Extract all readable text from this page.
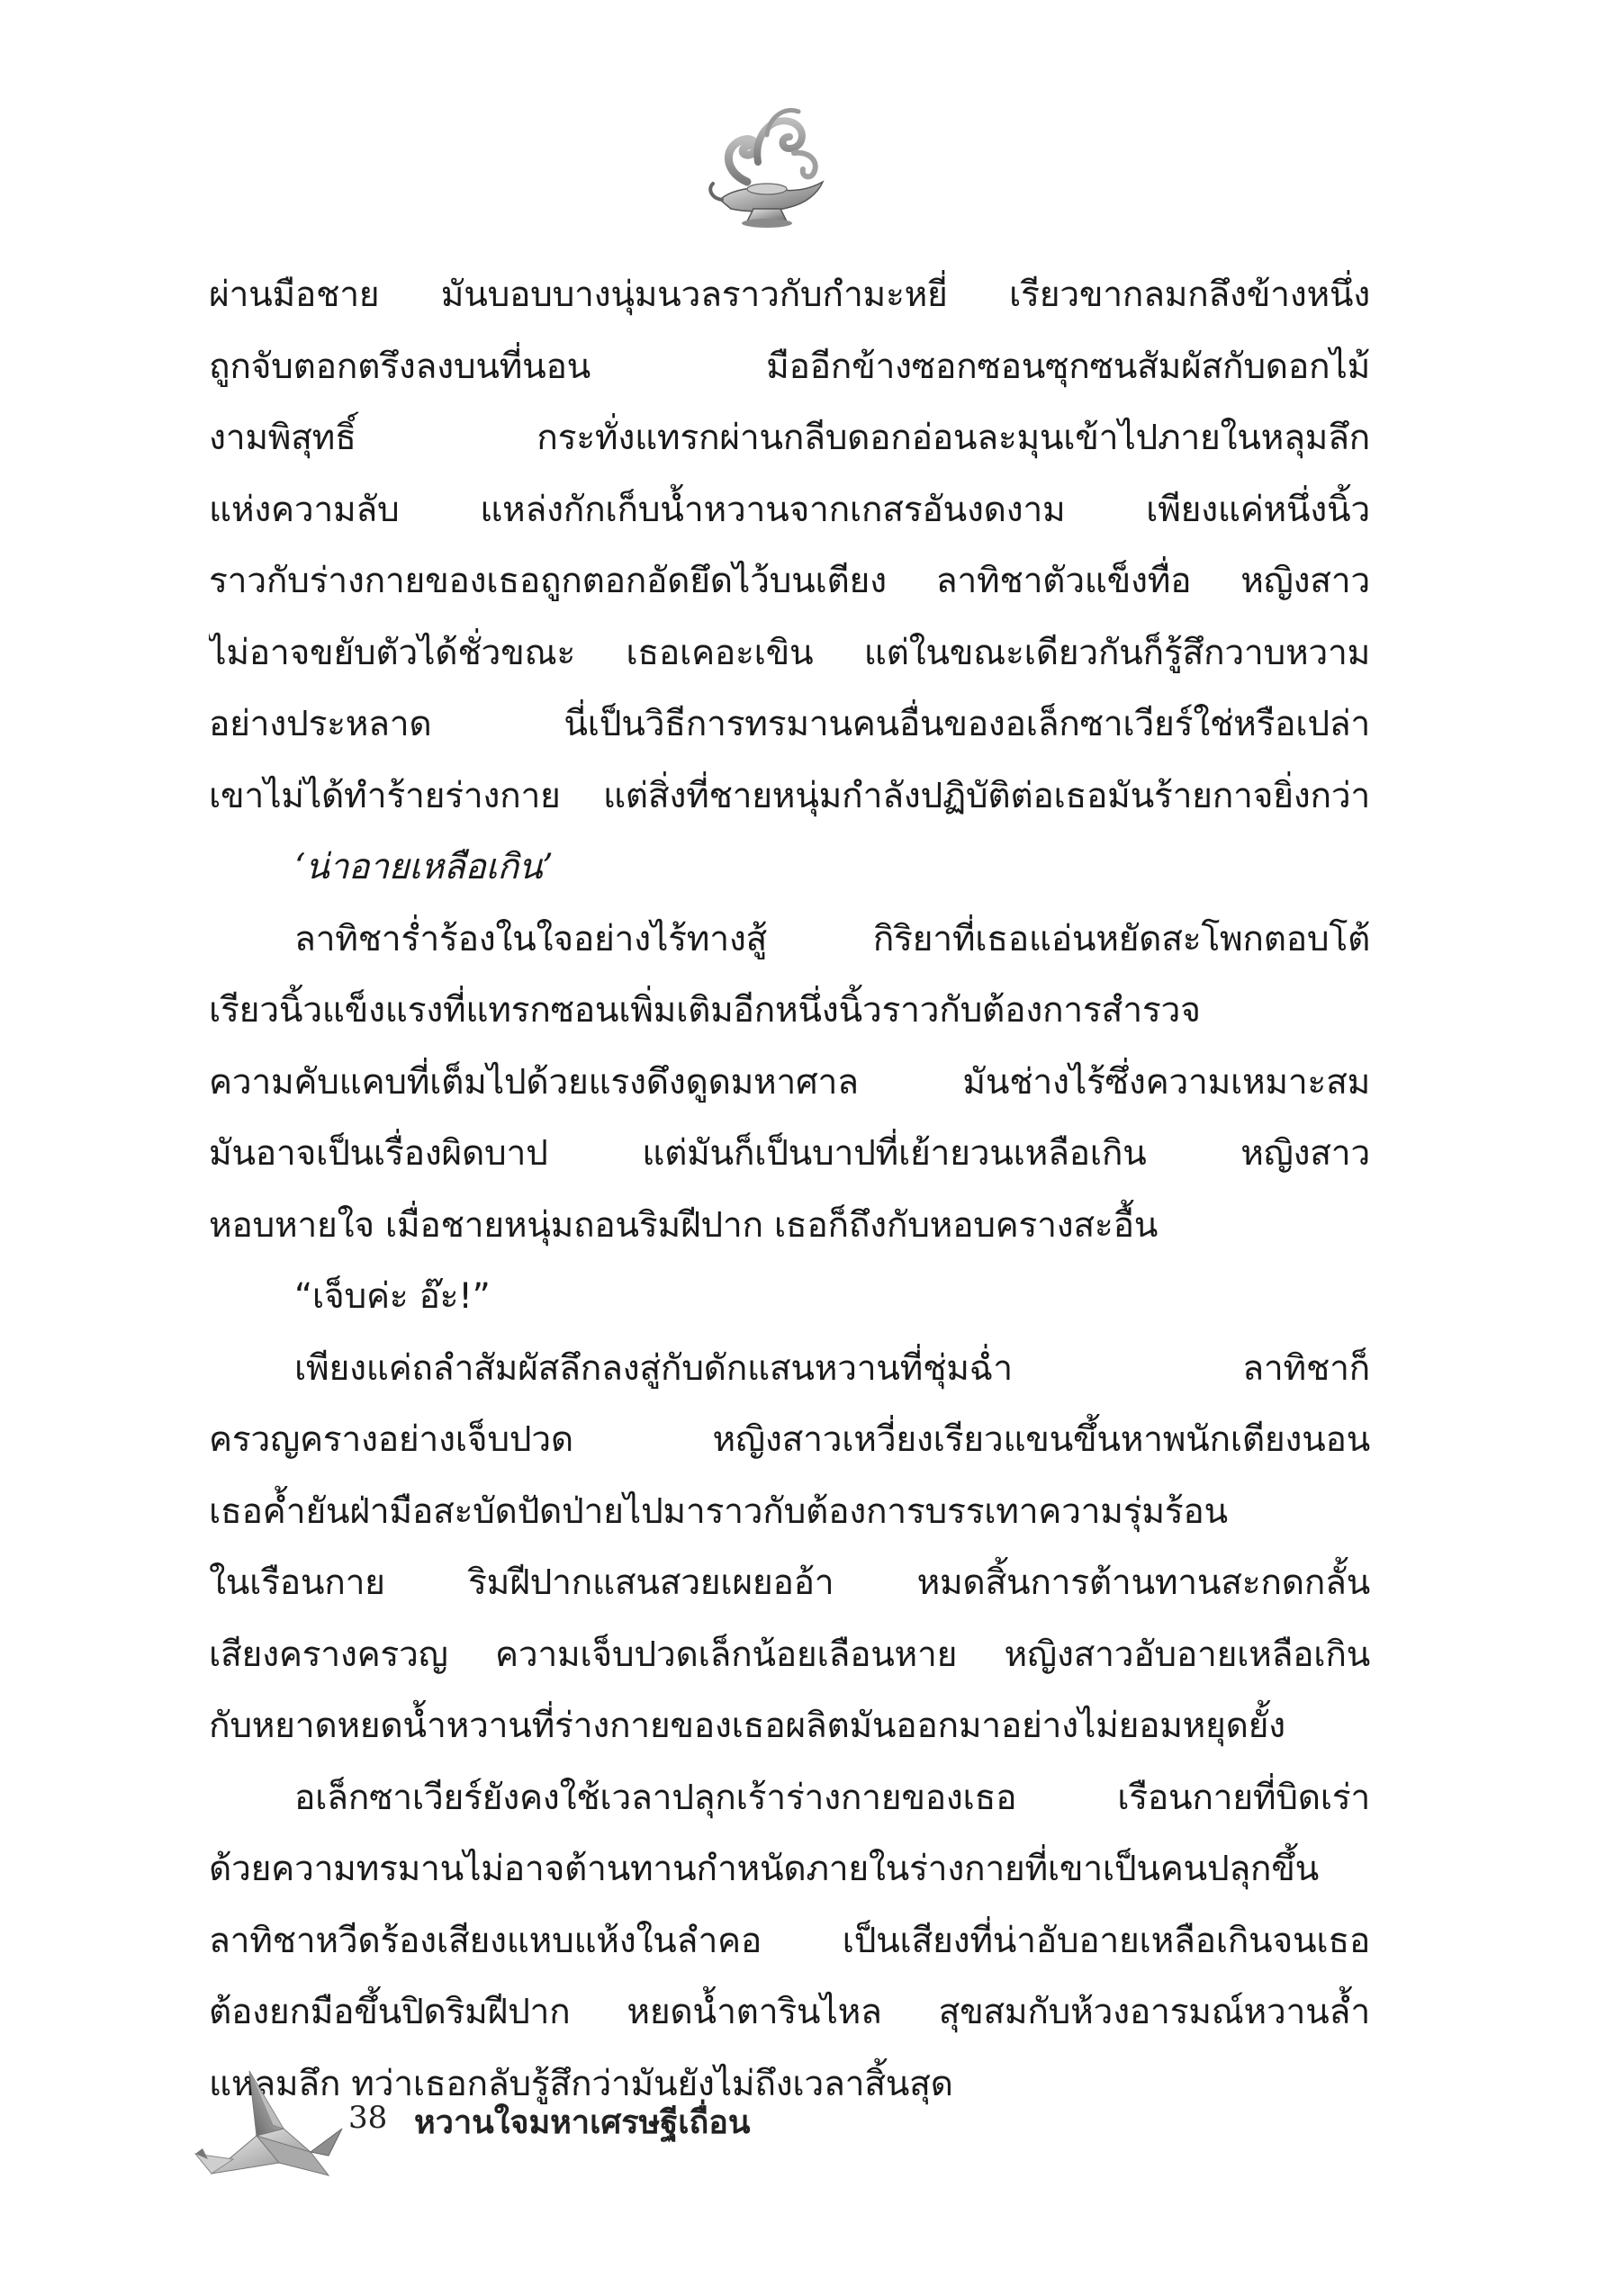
ผ่านมือชาย มันบอบบางนุ่มนวลราวกับกำมะหยี่ เรียวขากลมกลึงข้างหนึ่ง
ถูกจับตอกตรึงลงบนที่นอน มืออีกข้างซอกซอนซุกซนสัมผัสกับดอกไม้
งามพิสุทธิ์ กระทั่งแทรกผ่านกลีบดอกอ่อนละมุนเข้าไปภายในหลุมลึก
แห่งความลับ แหล่งกักเก็บน้ำหวานจากเกสรอันงดงาม เพียงแค่หนึ่งนิ้ว
ราวกับร่างกายของเธอถูกตอกอัดยึดไว้บนเตียง ลาทิชาตัวแข็งทื่อ หญิงสาว
ไม่อาจขยับตัวได้ชั่วขณะ เธอเคอะเขิน แต่ในขณะเดียวกันก็รู้สึกวาบหวาม
อย่างประหลาด นี่เป็นวิธีการทรมานคนอื่นของอเล็กซาเวียร์ใช่หรือเปล่า
เขาไม่ได้ทำร้ายร่างกาย แต่สิ่งที่ชายหนุ่มกำลังปฏิบัติต่อเธอมันร้ายกาจยิ่งกว่า
‘น่าอายเหลือเกิน’
ลาทิชาร่ำร้องในใจอย่างไร้ทางสู้ กิริยาที่เธอแอ่นหยัดสะโพกตอบโต้
เรียวนิ้วแข็งแรงที่แทรกซอนเพิ่มเติมอีกหนึ่งนิ้วราวกับต้องการสำรวจ
ความคับแคบที่เต็มไปด้วยแรงดึงดูดมหาศาล มันช่างไร้ซึ่งความเหมาะสม
มันอาจเป็นเรื่องผิดบาป แต่มันก็เป็นบาปที่เย้ายวนเหลือเกิน หญิงสาว
หอบหายใจ เมื่อชายหนุ่มถอนริมฝีปาก เธอก็ถึงกับหอบครางสะอื้น
“เจ็บค่ะ อ๊ะ!”
เพียงแค่ถลำสัมผัสลึกลงสู่กับดักแสนหวานที่ชุ่มฉ่ำ ลาทิชาก็
ครวญครางอย่างเจ็บปวด หญิงสาวเหวี่ยงเรียวแขนขึ้นหาพนักเตียงนอน
เธอค้ำยันฝ่ามือสะบัดปัดป่ายไปมาราวกับต้องการบรรเทาความรุ่มร้อน
ในเรือนกาย ริมฝีปากแสนสวยเผยออ้า หมดสิ้นการต้านทานสะกดกลั้น
เสียงครางครวญ ความเจ็บปวดเล็กน้อยเลือนหาย หญิงสาวอับอายเหลือเกิน
กับหยาดหยดน้ำหวานที่ร่างกายของเธอผลิตมันออกมาอย่างไม่ยอมหยุดยั้ง
อเล็กซาเวียร์ยังคงใช้เวลาปลุกเร้าร่างกายของเธอ เรือนกายที่บิดเร่า
ด้วยความทรมานไม่อาจต้านทานกำหนัดภายในร่างกายที่เขาเป็นคนปลุกขึ้น
ลาทิชาหวีดร้องเสียงแหบแห้งในลำคอ เป็นเสียงที่น่าอับอายเหลือเกินจนเธอ
ต้องยกมือขึ้นปิดริมฝีปาก หยดน้ำตารินไหล สุขสมกับห้วงอารมณ์หวานล้ำ
แหลมลึก ทว่าเธอกลับรู้สึกว่ามันยังไม่ถึงเวลาสิ้นสุด
38 หวานใจมหาเศรษฐีเถื่อน
